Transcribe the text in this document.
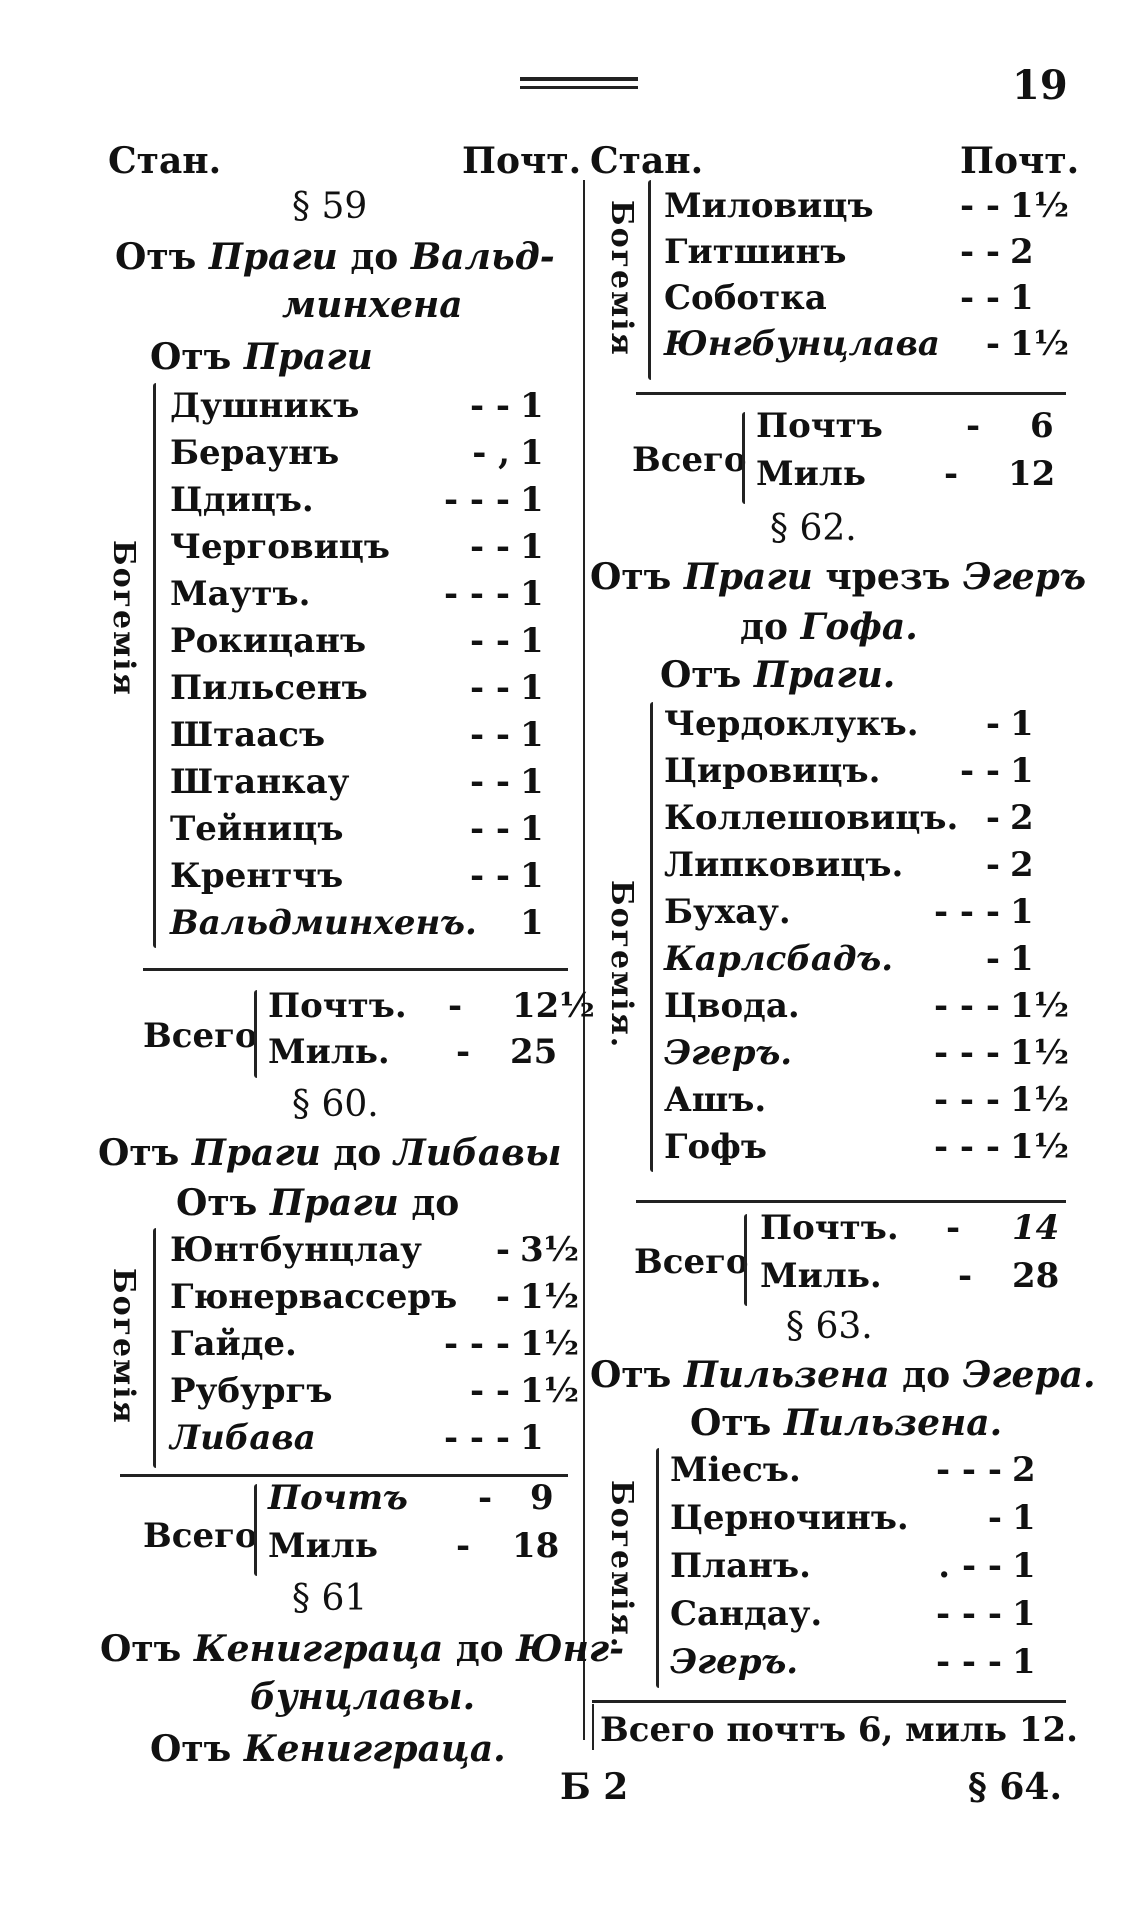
19
Стан.	Почт. Стан.	Почт.
§ 59
Отъ Праги до Вальд-
минхена
Отъ Праги
Богемія
Всего
Почтъ. - 12½
Миль. - 25
§ 60.
Отъ Праги до Либавы
Отъ Праги до
Богемія
Всего
Почтъ - 9
Миль - 18
§ 61
Отъ Кенигграца до Юнг-
бунцлавы.
Отъ Кенигграца.
Богемія
Всего
Почтъ - 6
Миль - 12
§ 62.
Отъ Праги чрезъ Эгеръ
до Гофа.
Отъ Праги.
Богемія.
Всего
Почтъ. - 14
Миль. - 28
§ 63.
Отъ Пильзена до Эгера.
Отъ Пильзена.
Богемія.
Всего почтъ 6, миль 12.
Б 2	§ 64.
Душникъ	- - 1
Бераунъ	- , 1
Цдицъ.	- - - 1
Черговицъ	- - 1
Маутъ.	- - - 1
Рокицанъ	- - 1
Пильсенъ	- - 1
Штаасъ	- - 1
Штанкау	- - 1
Тейницъ	- - 1
Крентчъ	- - 1
Вальдминхенъ. 1
Юнтбунцлау	- 3½
Гюнервассеръ	- 1½
Гайде.	- - - 1½
Рубургъ	- - 1½
Либава	- - - 1
Миловицъ	- - 1½
Гитшинъ	- - 2
Соботка	- - 1
Юнгбунцлава	- 1½
Чердоклукъ.	- 1
Цировицъ.	- - 1
Коллешовицъ. - 2
Липковицъ.	- 2
Бухау.	- - - 1
Карлсбадъ.	- 1
Цвода.	- - - 1½
Эгеръ.	- - - 1½
Ашъ.	- - - 1½
Гофъ	- - - 1½
Міесъ.	- - - 2
Церночинъ.	- 1
Планъ.	. - - 1
Сандау.	- - - 1
Эгеръ.	- - - 1
